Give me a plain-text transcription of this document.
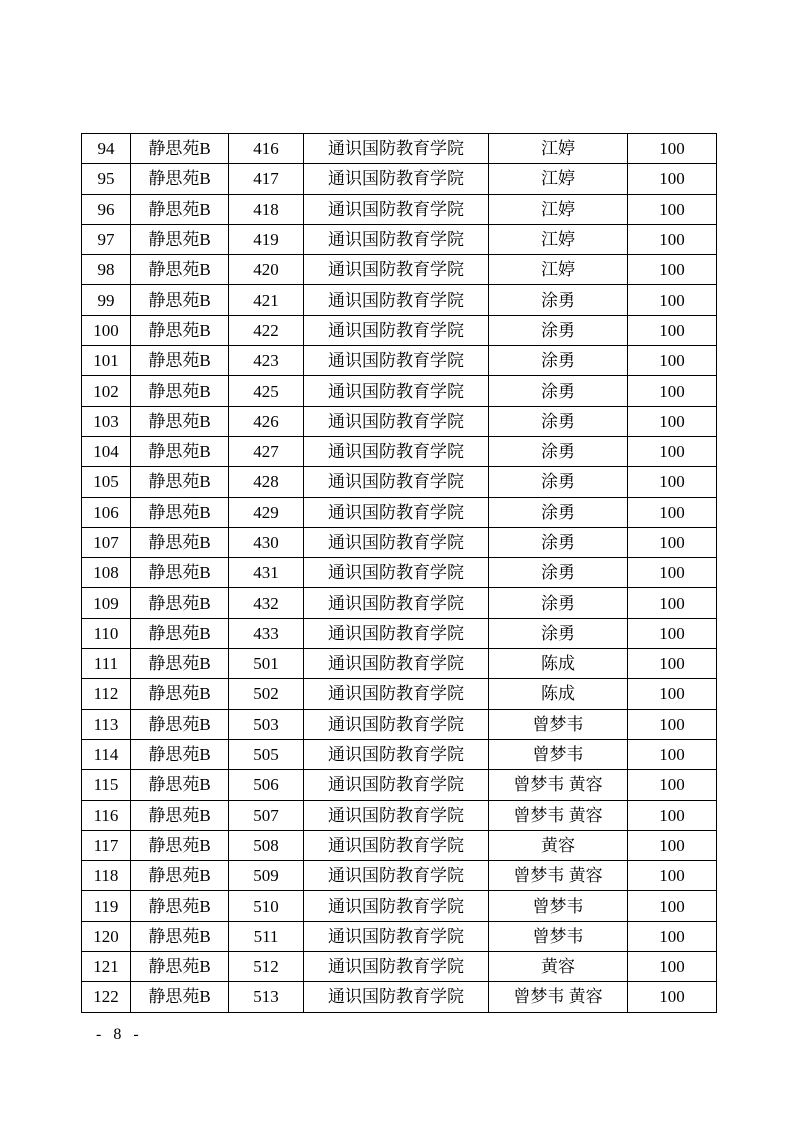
94	静思苑B	416	通识国防教育学院	江婷	100
95	静思苑B	417	通识国防教育学院	江婷	100
96	静思苑B	418	通识国防教育学院	江婷	100
97	静思苑B	419	通识国防教育学院	江婷	100
98	静思苑B	420	通识国防教育学院	江婷	100
99	静思苑B	421	通识国防教育学院	涂勇	100
100	静思苑B	422	通识国防教育学院	涂勇	100
101	静思苑B	423	通识国防教育学院	涂勇	100
102	静思苑B	425	通识国防教育学院	涂勇	100
103	静思苑B	426	通识国防教育学院	涂勇	100
104	静思苑B	427	通识国防教育学院	涂勇	100
105	静思苑B	428	通识国防教育学院	涂勇	100
106	静思苑B	429	通识国防教育学院	涂勇	100
107	静思苑B	430	通识国防教育学院	涂勇	100
108	静思苑B	431	通识国防教育学院	涂勇	100
109	静思苑B	432	通识国防教育学院	涂勇	100
110	静思苑B	433	通识国防教育学院	涂勇	100
111	静思苑B	501	通识国防教育学院	陈成	100
112	静思苑B	502	通识国防教育学院	陈成	100
113	静思苑B	503	通识国防教育学院	曾梦韦	100
114	静思苑B	505	通识国防教育学院	曾梦韦	100
115	静思苑B	506	通识国防教育学院	曾梦韦 黄容	100
116	静思苑B	507	通识国防教育学院	曾梦韦 黄容	100
117	静思苑B	508	通识国防教育学院	黄容	100
118	静思苑B	509	通识国防教育学院	曾梦韦 黄容	100
119	静思苑B	510	通识国防教育学院	曾梦韦	100
120	静思苑B	511	通识国防教育学院	曾梦韦	100
121	静思苑B	512	通识国防教育学院	黄容	100
122	静思苑B	513	通识国防教育学院	曾梦韦 黄容	100
- 8 -
